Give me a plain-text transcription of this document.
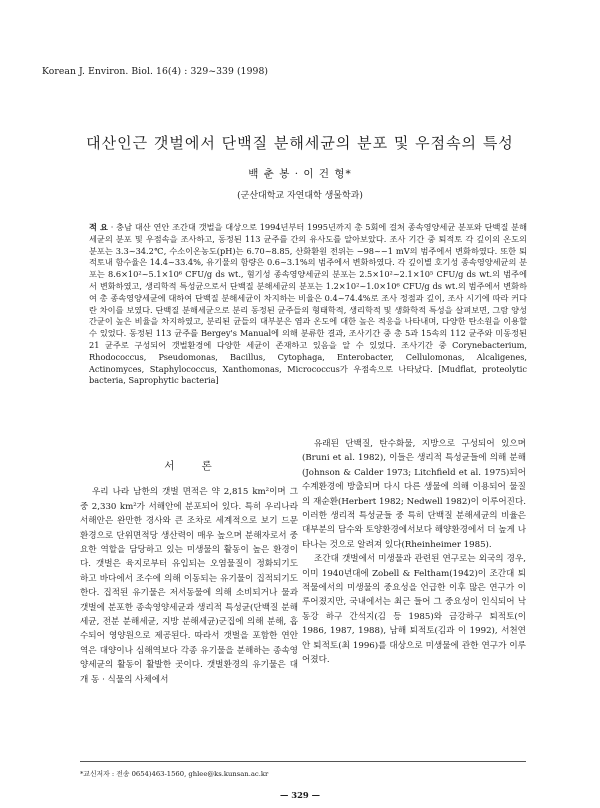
Korean J. Environ. Biol. 16(4) : 329~339 (1998)
대산인근 갯벌에서 단백질 분해세균의 분포 및 우점속의 특성
백 춘 봉 · 이 건 형*
(군산대학교 자연대학 생물학과)

적 요 · 충남 대산 연안 조간대 갯벌을 대상으로 1994년부터 1995년까지 총 5회에 걸쳐 종속영양세균 분포와 단백질 분해세균의 분포 및 우점속을 조사하고, 동정된 113 균주를 간의 유사도를 알아보았다. 조사 기간 중 퇴적토 각 깊이의 온도의 분포는 3.3~34.2℃, 수소이온농도(pH)는 6.70~8.85, 산화환원 전위는 −98~−1 mV의 범주에서 변화하였다. 또한 퇴적토내 함수율은 14.4~33.4%, 유기물의 함량은 0.6~3.1%의 범주에서 변화하였다. 각 깊이별 호기성 종속영양세균의 분포는 8.6×10²~5.1×10⁶ CFU/g ds wt., 혐기성 종속영양세균의 분포는 2.5×10²~2.1×10⁵ CFU/g ds wt.의 범주에서 변화하였고, 생리학적 특성균으로서 단백질 분해세균의 분포는 1.2×10²~1.0×10⁶ CFU/g ds wt.의 범주에서 변화하여 총 종속영양세균에 대하여 단백질 분해세균이 차지하는 비율은 0.4~74.4%로 조사 정점과 깊이, 조사 시기에 따라 커다란 차이를 보였다. 단백질 분해세균으로 분리 동정된 균주들의 형태학적, 생리학적 및 생화학적 특성을 살펴보면, 그람 양성 간균이 높은 비율을 차지하였고, 분리된 균들의 대부분은 염과 온도에 대한 높은 적응을 나타내며, 다양한 탄소원을 이용할 수 있었다. 동정된 113 균주를 Bergey's Manual에 의해 분류한 결과, 조사기간 중 총 5과 15속의 112 균주와 미동정된 21 균주로 구성되어 갯벌환경에 다양한 세균이 존재하고 있음을 알 수 있었다. 조사기간 중 Corynebacterium, Rhodococcus, Pseudomonas, Bacillus, Cytophaga, Enterobacter, Cellulomonas, Alcaligenes, Actinomyces, Staphylococcus, Xanthomonas, Micrococcus가 우점속으로 나타났다. [Mudflat, proteolytic bacteria, Saprophytic bacteria]

서 론

우리 나라 남한의 갯벌 면적은 약 2,815 km²이며 그 중 2,330 km²가 서해안에 분포되어 있다. 특히 우리나라 서해안은 완만한 경사와 큰 조차로 세계적으로 보기 드문 환경으로 단위면적당 생산력이 매우 높으며 분해자로서 중요한 역할을 담당하고 있는 미생물의 활동이 높은 환경이다. 갯벌은 육지로부터 유입되는 오염물질이 정화되기도 하고 바다에서 조수에 의해 이동되는 유기물이 집적되기도 한다. 집적된 유기물은 저서동물에 의해 소비되거나 물과 갯벌에 분포한 종속영양세균과 생리적 특성균(단백질 분해세균, 전분 분해세균, 지방 분해세균)군집에 의해 분해, 흡수되어 영양원으로 제공된다. 따라서 갯벌을 포함한 연안역은 대양이나 심해역보다 각종 유기물을 분해하는 종속영양세균의 활동이 활발한 곳이다. 갯벌환경의 유기물은 대개 동 · 식물의 사체에서

유래된 단백질, 탄수화물, 지방으로 구성되어 있으며 (Bruni et al. 1982), 이들은 생리적 특성균들에 의해 분해 (Johnson & Calder 1973; Litchfield et al. 1975)되어 수계환경에 방출되며 다시 다른 생물에 의해 이용되어 물질의 재순환(Herbert 1982; Nedwell 1982)이 이루어진다. 이러한 생리적 특성균들 중 특히 단백질 분해세균의 비율은 대부분의 담수와 토양환경에서보다 해양환경에서 더 높게 나타나는 것으로 알려져 있다(Rheinheimer 1985).

조간대 갯벌에서 미생물과 관련된 연구로는 외국의 경우, 이미 1940년대에 Zobell & Feltham(1942)이 조간대 퇴적물에서의 미생물의 중요성을 언급한 이후 많은 연구가 이루어졌지만, 국내에서는 최근 들어 그 중요성이 인식되어 낙동강 하구 간석지(김 등 1985)와 금강하구 퇴적토(이 1986, 1987, 1988), 남해 퇴적토(김과 이 1992), 서천연안 퇴적토(최 1996)를 대상으로 미생물에 관한 연구가 이루어졌다.

*교신저자 : 전송 0654)463-1560, ghlee@ks.kunsan.ac.kr
— 329 —
